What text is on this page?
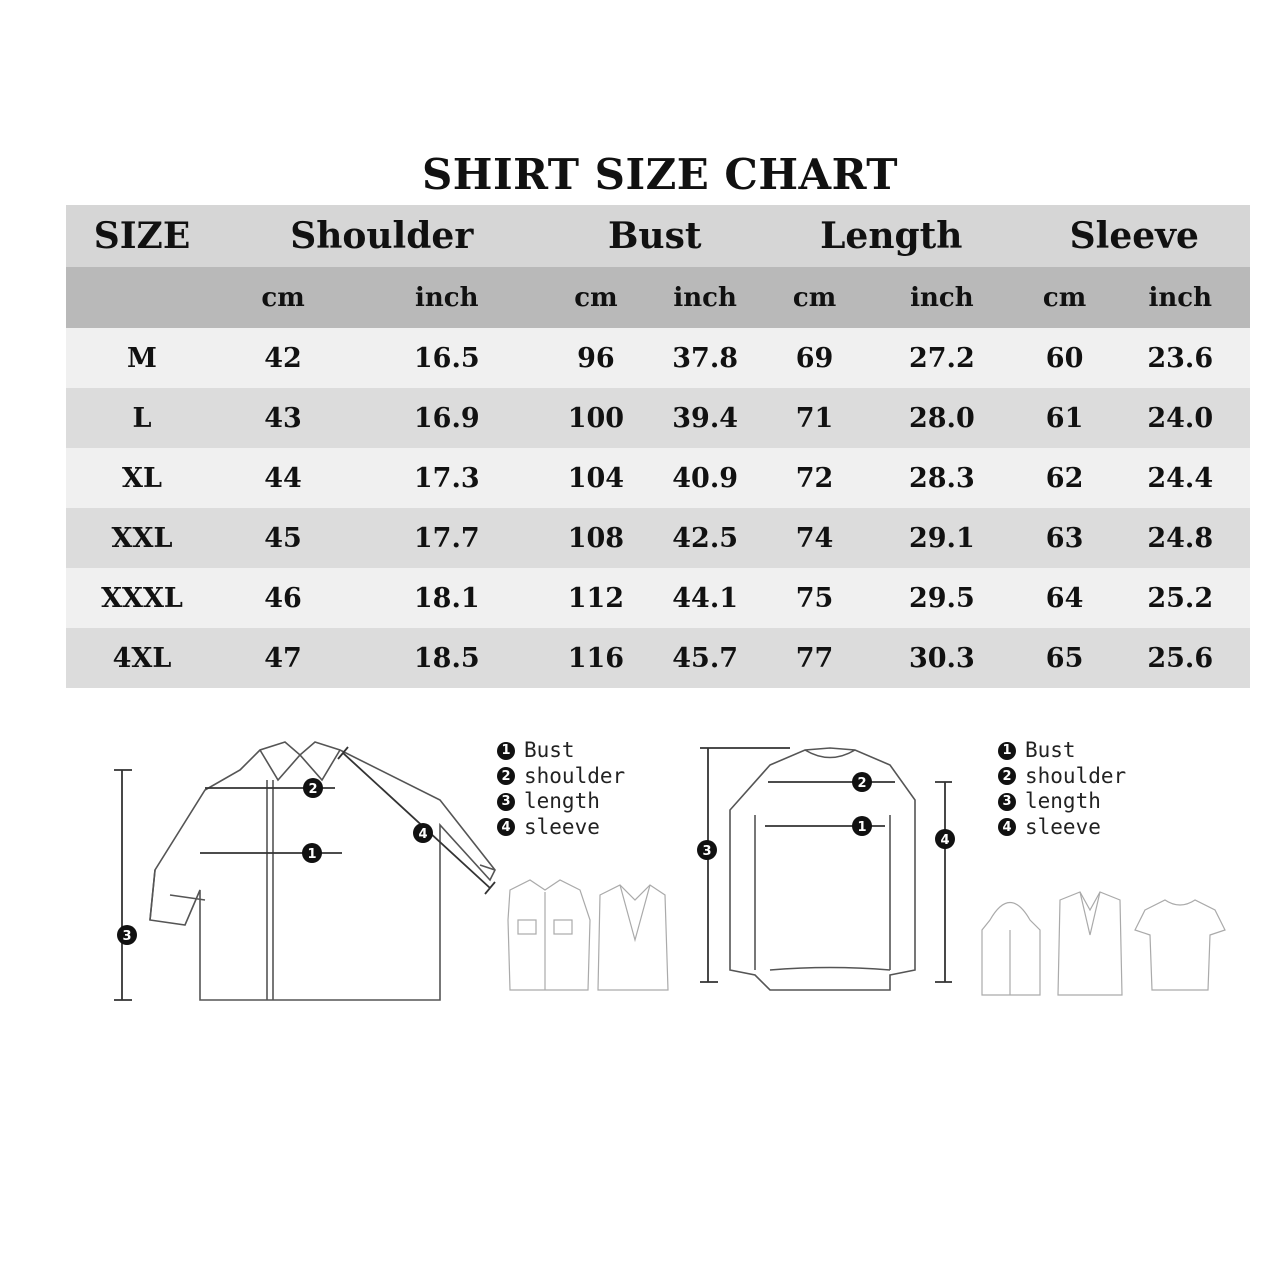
SHIRT SIZE CHART
SIZE	Shoulder		Bust		Length		Sleeve	
	cm	inch	cm	inch	cm	inch	cm	inch
M	42	16.5	96	37.8	69	27.2	60	23.6
L	43	16.9	100	39.4	71	28.0	61	24.0
XL	44	17.3	104	40.9	72	28.3	62	24.4
XXL	45	17.7	108	42.5	74	29.1	63	24.8
XXXL	46	18.1	112	44.1	75	29.5	64	25.2
4XL	47	18.5	116	45.7	77	30.3	65	25.6
1
2
3
4
1 Bust
2 shoulder
3 length
4 sleeve	1
2
3
4
1 Bust
2 shoulder
3 length
4 sleeve
